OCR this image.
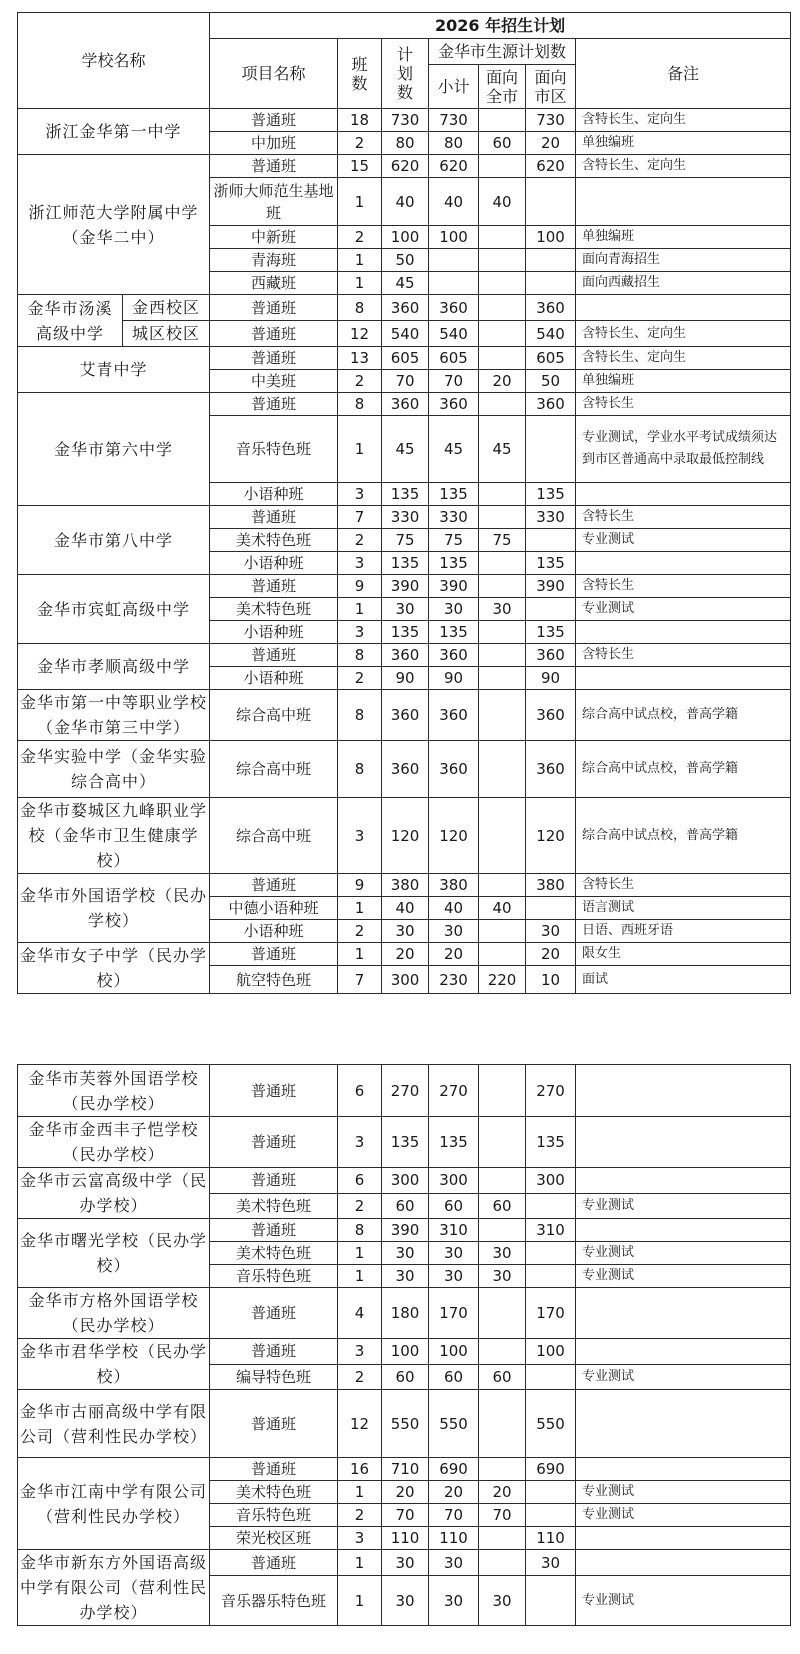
学校名称		2026 年招生计划						
		项目名称	班数	计划数	金华市生源计划数			备注
					小计	面向全市	面向市区	
浙江金华第一中学		普通班	18	730	730		730	含特长生、定向生
		中加班	2	80	80	60	20	单独编班
浙江师范大学附属中学（金华二中）		普通班	15	620	620		620	含特长生、定向生
		浙师大师范生基地班	1	40	40	40		
		中新班	2	100	100		100	单独编班
		青海班	1	50				面向青海招生
		西藏班	1	45				面向西藏招生
金华市汤溪高级中学	金西校区	普通班	8	360	360		360	
	城区校区	普通班	12	540	540		540	含特长生、定向生
艾青中学		普通班	13	605	605		605	含特长生、定向生
		中美班	2	70	70	20	50	单独编班
金华市第六中学		普通班	8	360	360		360	含特长生
		音乐特色班	1	45	45	45		专业测试，学业水平考试成绩须达到市区普通高中录取最低控制线
		小语种班	3	135	135		135	
金华市第八中学		普通班	7	330	330		330	含特长生
		美术特色班	2	75	75	75		专业测试
		小语种班	3	135	135		135	
金华市宾虹高级中学		普通班	9	390	390		390	含特长生
		美术特色班	1	30	30	30		专业测试
		小语种班	3	135	135		135	
金华市孝顺高级中学		普通班	8	360	360		360	含特长生
		小语种班	2	90	90		90	
金华市第一中等职业学校（金华市第三中学）		综合高中班	8	360	360		360	综合高中试点校，普高学籍
金华实验中学（金华实验综合高中）		综合高中班	8	360	360		360	综合高中试点校，普高学籍
金华市婺城区九峰职业学校（金华市卫生健康学校）		综合高中班	3	120	120		120	综合高中试点校，普高学籍
金华市外国语学校（民办学校）		普通班	9	380	380		380	含特长生
		中德小语种班	1	40	40	40		语言测试
		小语种班	2	30	30		30	日语、西班牙语
金华市女子中学（民办学校）		普通班	1	20	20		20	限女生
		航空特色班	7	300	230	220	10	面试
金华市芙蓉外国语学校（民办学校）	普通班	6	270	270		270	
金华市金西丰子恺学校（民办学校）	普通班	3	135	135		135	
金华市云富高级中学（民办学校）	普通班	6	300	300		300	
	美术特色班	2	60	60	60		专业测试
金华市曙光学校（民办学校）	普通班	8	390	310		310	
	美术特色班	1	30	30	30		专业测试
	音乐特色班	1	30	30	30		专业测试
金华市方格外国语学校（民办学校）	普通班	4	180	170		170	
金华市君华学校（民办学校）	普通班	3	100	100		100	
	编导特色班	2	60	60	60		专业测试
金华市古丽高级中学有限公司（营利性民办学校）	普通班	12	550	550		550	
金华市江南中学有限公司（营利性民办学校）	普通班	16	710	690		690	
	美术特色班	1	20	20	20		专业测试
	音乐特色班	2	70	70	70		专业测试
	荣光校区班	3	110	110		110	
金华市新东方外国语高级中学有限公司（营利性民办学校）	普通班	1	30	30		30	
	音乐器乐特色班	1	30	30	30		专业测试
